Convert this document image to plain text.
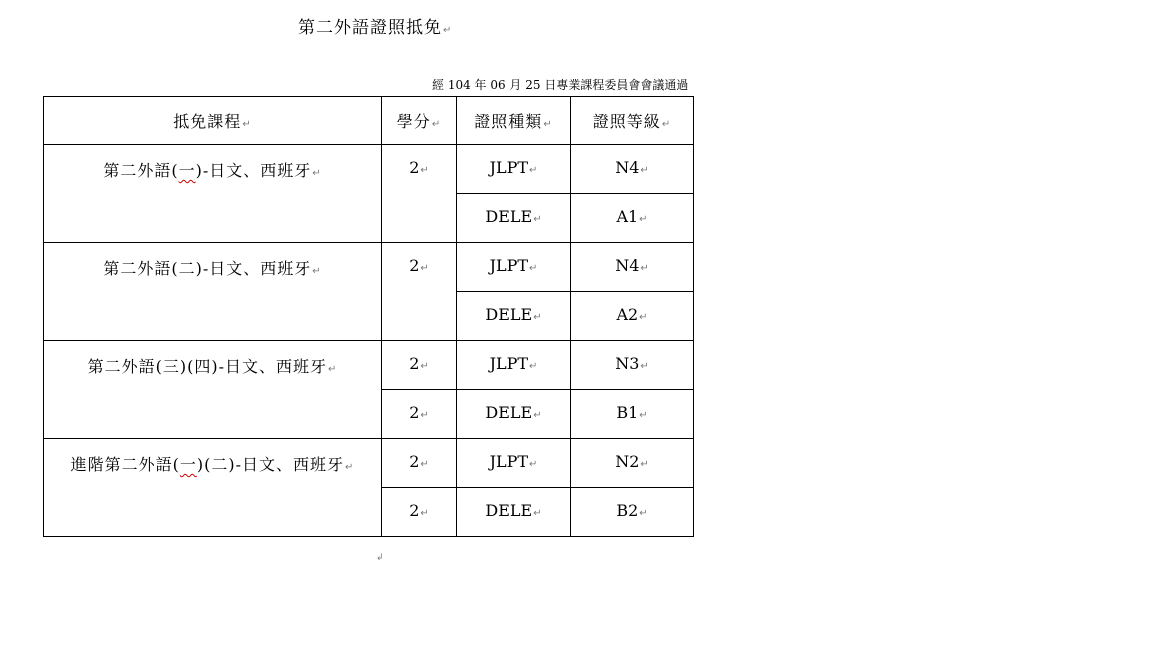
第二外語證照抵免↵
經 104 年 06 月 25 日專業課程委員會會議通過
抵免課程↵	學分↵	證照種類↵	證照等級↵
第二外語(一)-日文、西班牙↵	2↵	JLPT↵	N4↵
		DELE↵	A1↵
第二外語(二)-日文、西班牙↵	2↵	JLPT↵	N4↵
		DELE↵	A2↵
第二外語(三)(四)-日文、西班牙↵	2↵	JLPT↵	N3↵
	2↵	DELE↵	B1↵
進階第二外語(一)(二)-日文、西班牙↵	2↵	JLPT↵	N2↵
	2↵	DELE↵	B2↵
↲
